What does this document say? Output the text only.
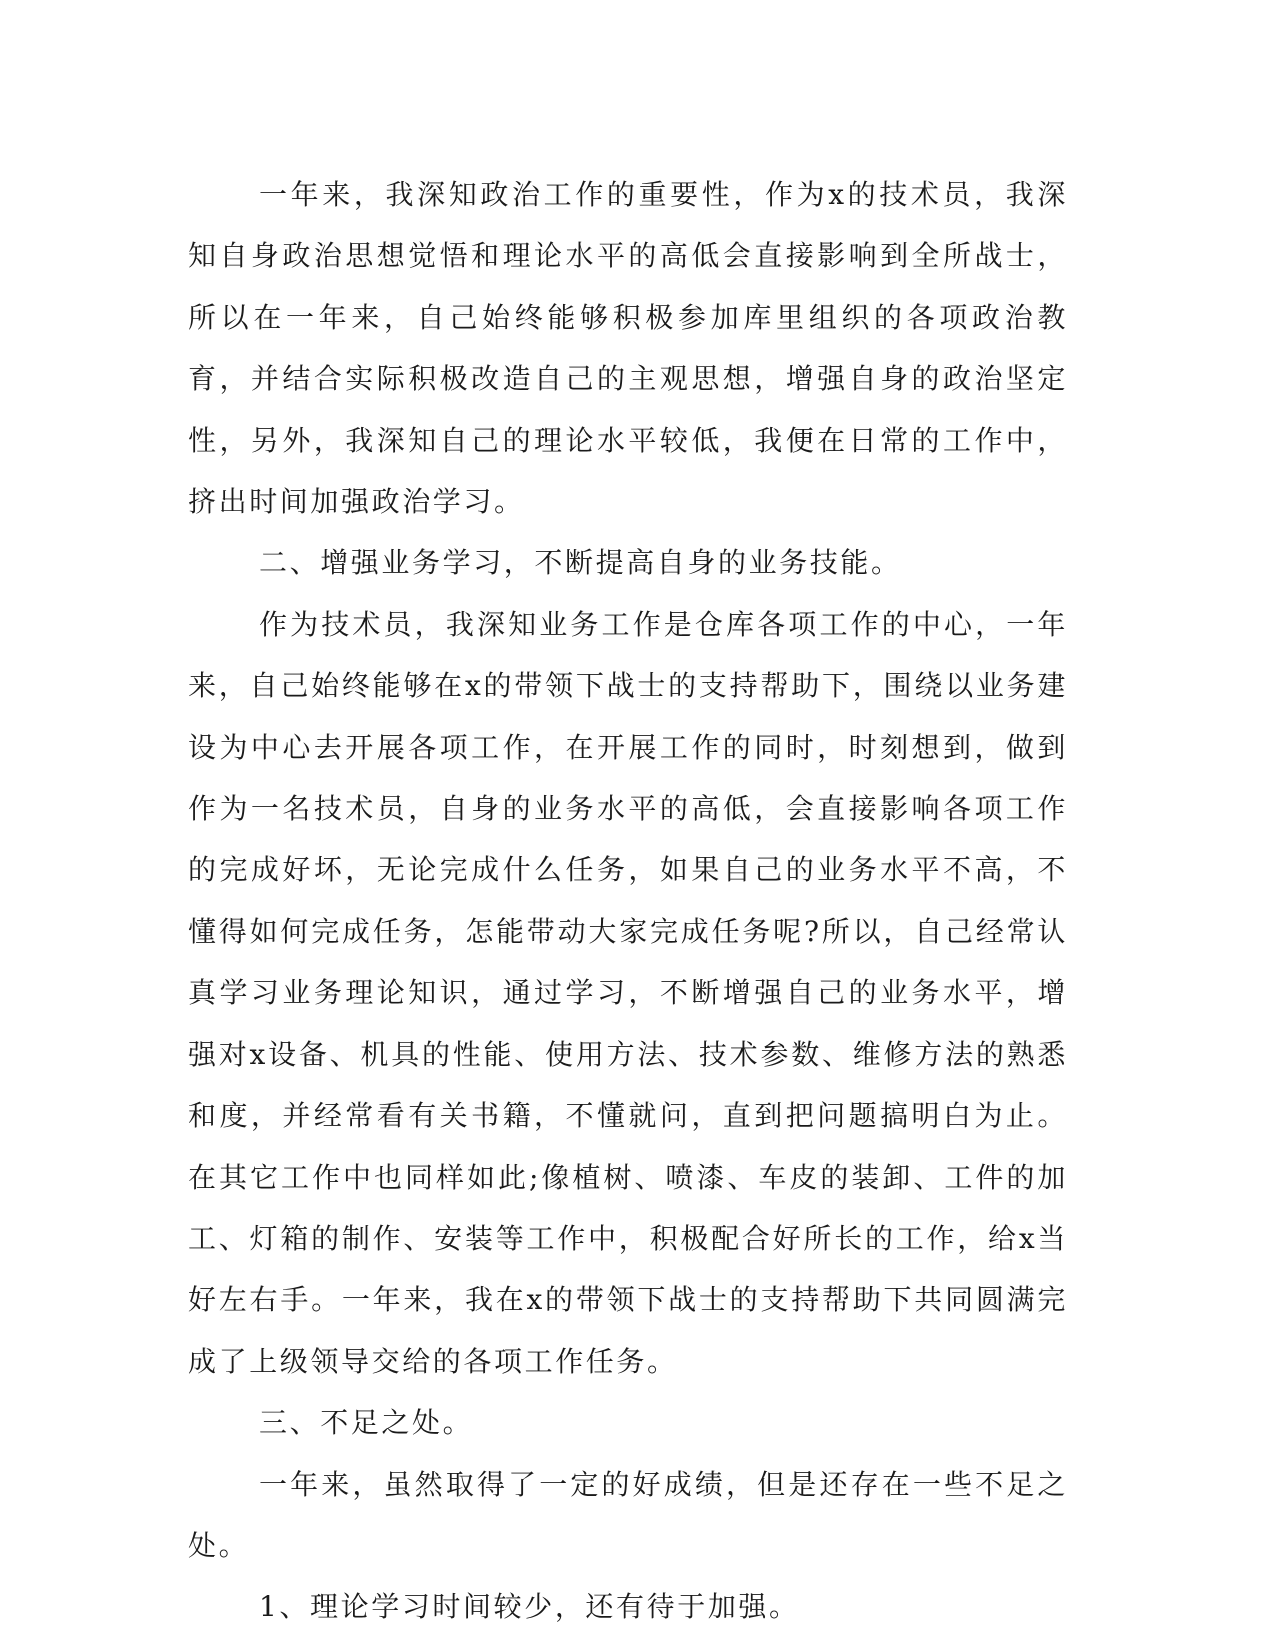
一年来，我深知政治工作的重要性，作为x的技术员，我深知自身政治思想觉悟和理论水平的高低会直接影响到全所战士，所以在一年来，自己始终能够积极参加库里组织的各项政治教育，并结合实际积极改造自己的主观思想，增强自身的政治坚定性，另外，我深知自己的理论水平较低，我便在日常的工作中，挤出时间加强政治学习。

二、增强业务学习，不断提高自身的业务技能。

作为技术员，我深知业务工作是仓库各项工作的中心，一年来，自己始终能够在x的带领下战士的支持帮助下，围绕以业务建设为中心去开展各项工作，在开展工作的同时，时刻想到，做到作为一名技术员，自身的业务水平的高低，会直接影响各项工作的完成好坏，无论完成什么任务，如果自己的业务水平不高，不懂得如何完成任务，怎能带动大家完成任务呢?所以，自己经常认真学习业务理论知识，通过学习，不断增强自己的业务水平，增强对x设备、机具的性能、使用方法、技术参数、维修方法的熟悉和度，并经常看有关书籍，不懂就问，直到把问题搞明白为止。在其它工作中也同样如此;像植树、喷漆、车皮的装卸、工件的加工、灯箱的制作、安装等工作中，积极配合好所长的工作，给x当好左右手。一年来，我在x的带领下战士的支持帮助下共同圆满完成了上级领导交给的各项工作任务。

三、不足之处。

一年来，虽然取得了一定的好成绩，但是还存在一些不足之处。

1、理论学习时间较少，还有待于加强。
